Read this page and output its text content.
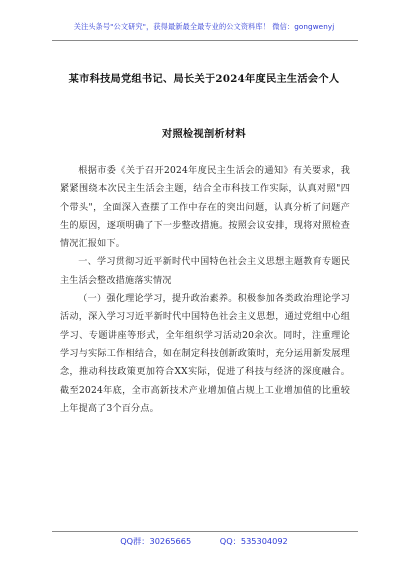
关注头条号"公文研究"，获得最新最全最专业的公文资料库！ 微信：gongwenyj
某市科技局党组书记、局长关于2024年度民主生活会个人
对照检视剖析材料

根据市委《关于召开2024年度民主生活会的通知》有关要求，我紧紧围绕本次民主生活会主题，结合全市科技工作实际，认真对照"四个带头"，全面深入查摆了工作中存在的突出问题，认真分析了问题产生的原因，逐项明确了下一步整改措施。按照会议安排，现将对照检查情况汇报如下。

一、学习贯彻习近平新时代中国特色社会主义思想主题教育专题民主生活会整改措施落实情况

（一）强化理论学习，提升政治素养。积极参加各类政治理论学习活动，深入学习习近平新时代中国特色社会主义思想，通过党组中心组学习、专题讲座等形式，全年组织学习活动20余次。同时，注重理论学习与实际工作相结合，如在制定科技创新政策时，充分运用新发展理念，推动科技政策更加符合XX实际，促进了科技与经济的深度融合。截至2024年底，全市高新技术产业增加值占规上工业增加值的比重较上年提高了3个百分点。

QQ群：30265665	QQ：535304092
